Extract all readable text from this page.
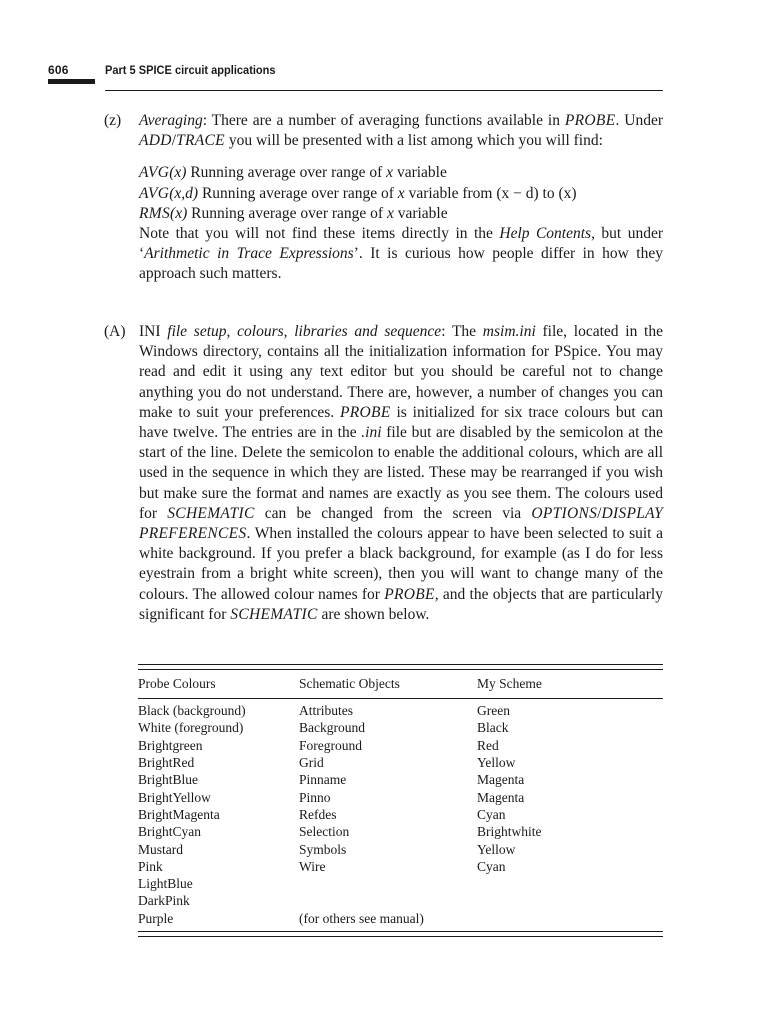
606	Part 5 SPICE circuit applications
(z)	Averaging: There are a number of averaging functions available in PROBE. Under ADD/TRACE you will be presented with a list among which you will find:

AVG(x) Running average over range of x variable
AVG(x,d) Running average over range of x variable from (x − d) to (x)
RMS(x) Running average over range of x variable

Note that you will not find these items directly in the Help Contents, but under ‘Arithmetic in Trace Expressions’. It is curious how people differ in how they approach such matters.

(A) INI file setup, colours, libraries and sequence: The msim.ini file, located in the Windows directory, contains all the initialization information for PSpice. You may read and edit it using any text editor but you should be careful not to change anything you do not understand. There are, however, a number of changes you can make to suit your preferences. PROBE is initialized for six trace colours but can have twelve. The entries are in the .ini file but are disabled by the semicolon at the start of the line. Delete the semicolon to enable the additional colours, which are all used in the sequence in which they are listed. These may be rearranged if you wish but make sure the format and names are exactly as you see them. The colours used for SCHEMATIC can be changed from the screen via OPTIONS/DISPLAY PREFERENCES. When installed the colours appear to have been selected to suit a white background. If you prefer a black background, for example (as I do for less eyestrain from a bright white screen), then you will want to change many of the colours. The allowed colour names for PROBE, and the objects that are particularly significant for SCHEMATIC are shown below.

Probe Colours	Schematic Objects	My Scheme
Black (background)	Attributes	Green
White (foreground)	Background	Black
Brightgreen	Foreground	Red
BrightRed	Grid	Yellow
BrightBlue	Pinname	Magenta
BrightYellow	Pinno	Magenta
BrightMagenta	Refdes	Cyan
BrightCyan	Selection	Brightwhite
Mustard	Symbols	Yellow
Pink	Wire	Cyan
LightBlue
DarkPink
Purple	(for others see manual)
